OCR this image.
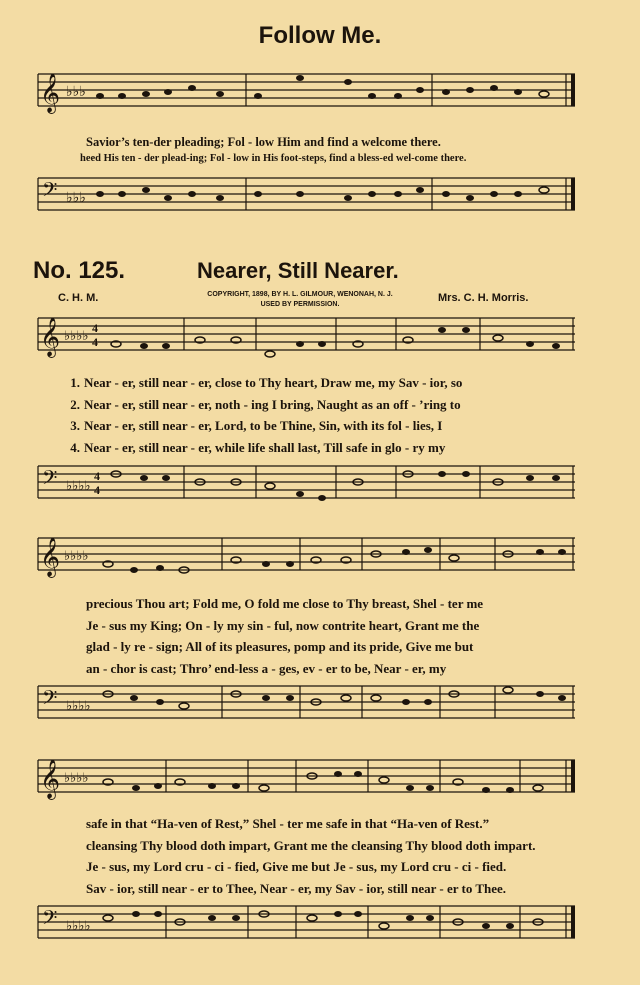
Follow Me.
𝄞 ♭♭♭
Savior’s ten-der pleading; Fol - low Him and find a welcome there.
heed His ten - der plead-ing; Fol - low in His foot-steps, find a bless-ed wel-come there.
𝄢 ♭♭♭
No. 125.	Nearer, Still Nearer.
C. H. M.	COPYRIGHT, 1898, BY H. L. GILMOUR, WENONAH, N. J.
USED BY PERMISSION.
Mrs. C. H. Morris.
𝄞 ♭♭♭♭ 4
4
1. Near - er, still near - er, close to Thy heart, Draw me, my Sav - ior, so
2. Near - er, still near - er, noth - ing I bring, Naught as an off - ’ring to
3. Near - er, still near - er, Lord, to be Thine, Sin, with its fol - lies, I
4. Near - er, still near - er, while life shall last, Till safe in glo - ry my
𝄢 ♭♭♭♭
4
4
𝄞 ♭♭♭♭
precious Thou art; Fold me, O fold me close to Thy breast, Shel - ter me
Je - sus my King; On - ly my sin - ful, now contrite heart, Grant me the
glad - ly re - sign; All of its pleasures, pomp and its pride, Give me but
an - chor is cast; Thro’ end-less a - ges, ev - er to be, Near - er, my
𝄢 ♭♭♭♭
𝄞 ♭♭♭♭
safe in that “Ha-ven of Rest,” Shel - ter me safe in that “Ha-ven of Rest.”
cleansing Thy blood doth impart, Grant me the cleansing Thy blood doth impart.
Je - sus, my Lord cru - ci - fied, Give me but Je - sus, my Lord cru - ci - fied.
Sav - ior, still near - er to Thee, Near - er, my Sav - ior, still near - er to Thee.
𝄢 ♭♭♭♭
